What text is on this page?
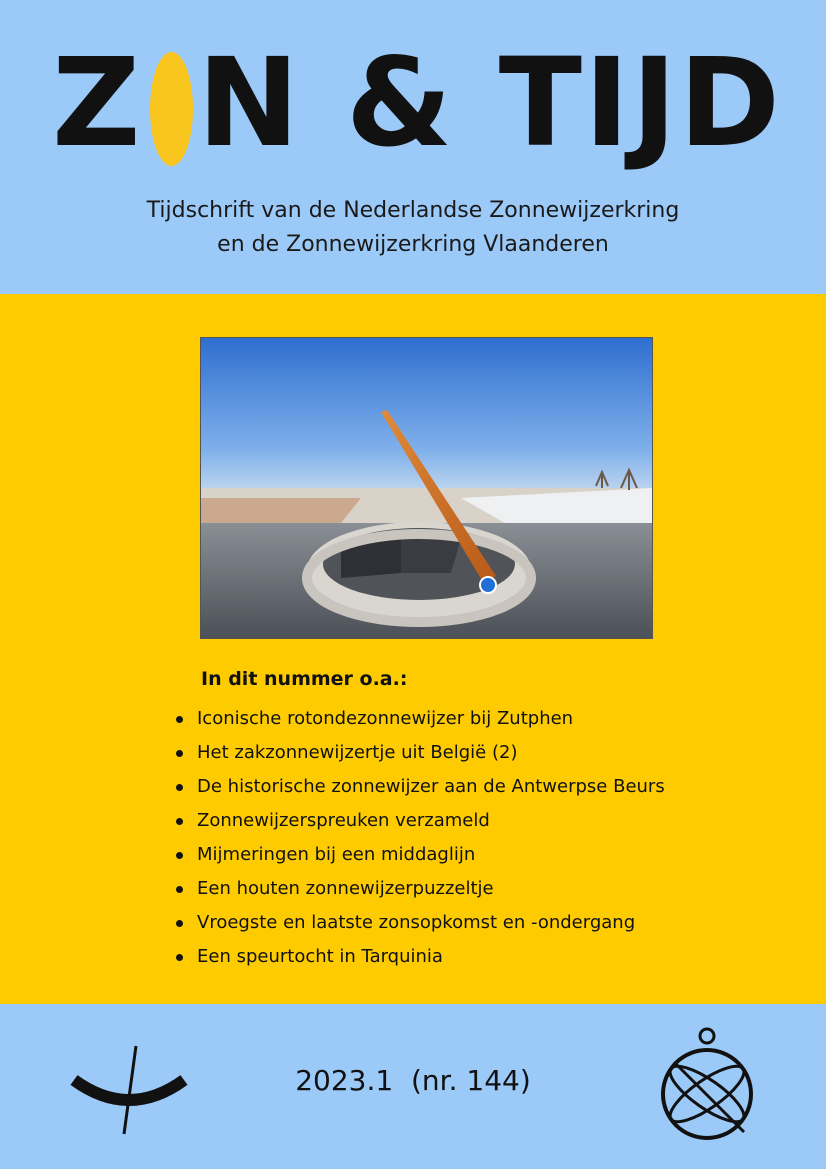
Z N & TIJD
Tijdschrift van de Nederlandse Zonnewijzerkring
en de Zonnewijzerkring Vlaanderen
In dit nummer o.a.:
Iconische rotondezonnewijzer bij Zutphen
Het zakzonnewijzertje uit België (2)
De historische zonnewijzer aan de Antwerpse Beurs
Zonnewijzerspreuken verzameld
Mijmeringen bij een middaglijn
Een houten zonnewijzerpuzzeltje
Vroegste en laatste zonsopkomst en -ondergang
Een speurtocht in Tarquinia
2023.1  (nr. 144)
